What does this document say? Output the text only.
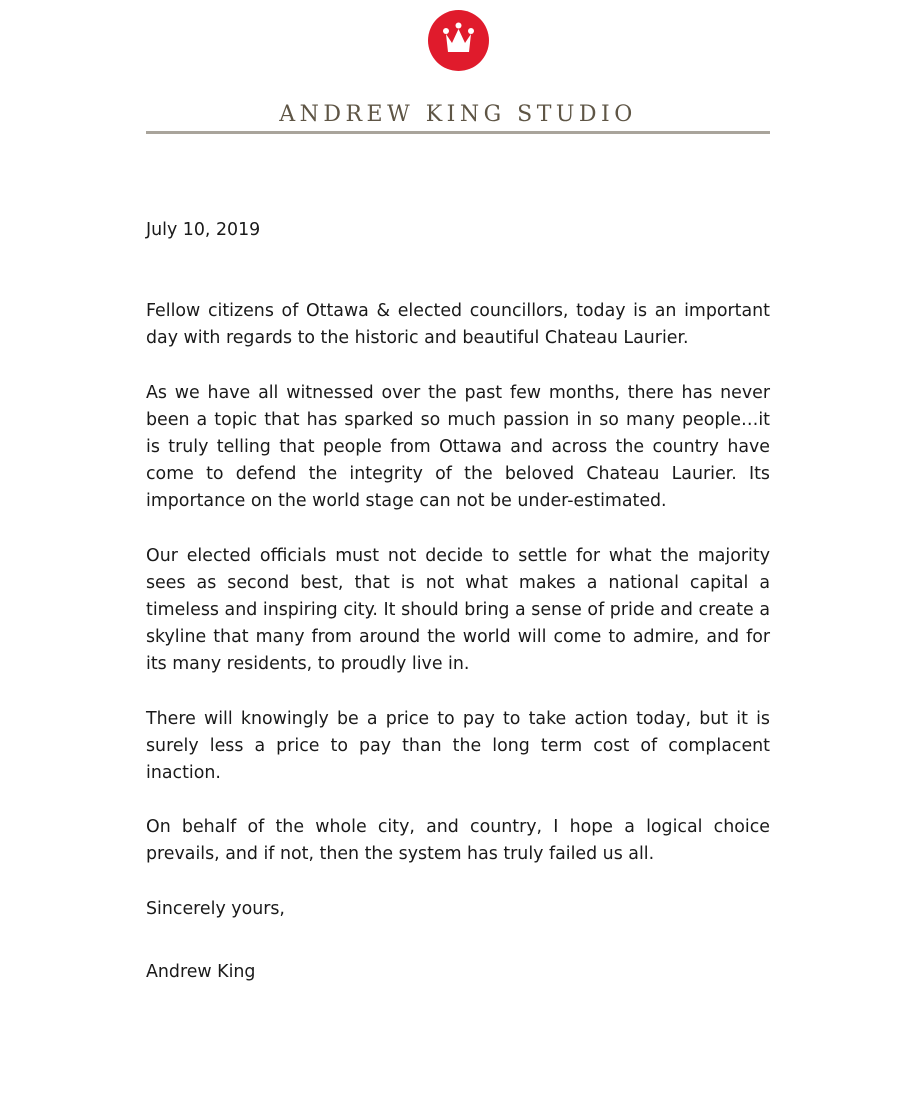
ANDREW KING STUDIO

July 10, 2019

Fellow citizens of Ottawa & elected councillors, today is an important day with regards to the historic and beautiful Chateau Laurier.

As we have all witnessed over the past few months, there has never been a topic that has sparked so much passion in so many people…it is truly telling that people from Ottawa and across the country have come to defend the integrity of the beloved Chateau Laurier. Its importance on the world stage can not be under-estimated.

Our elected officials must not decide to settle for what the majority sees as second best, that is not what makes a national capital a timeless and inspiring city. It should bring a sense of pride and create a skyline that many from around the world will come to admire, and for its many residents, to proudly live in.

There will knowingly be a price to pay to take action today, but it is surely less a price to pay than the long term cost of complacent inaction.

On behalf of the whole city, and country, I hope a logical choice prevails, and if not, then the system has truly failed us all.

Sincerely yours,

Andrew King
